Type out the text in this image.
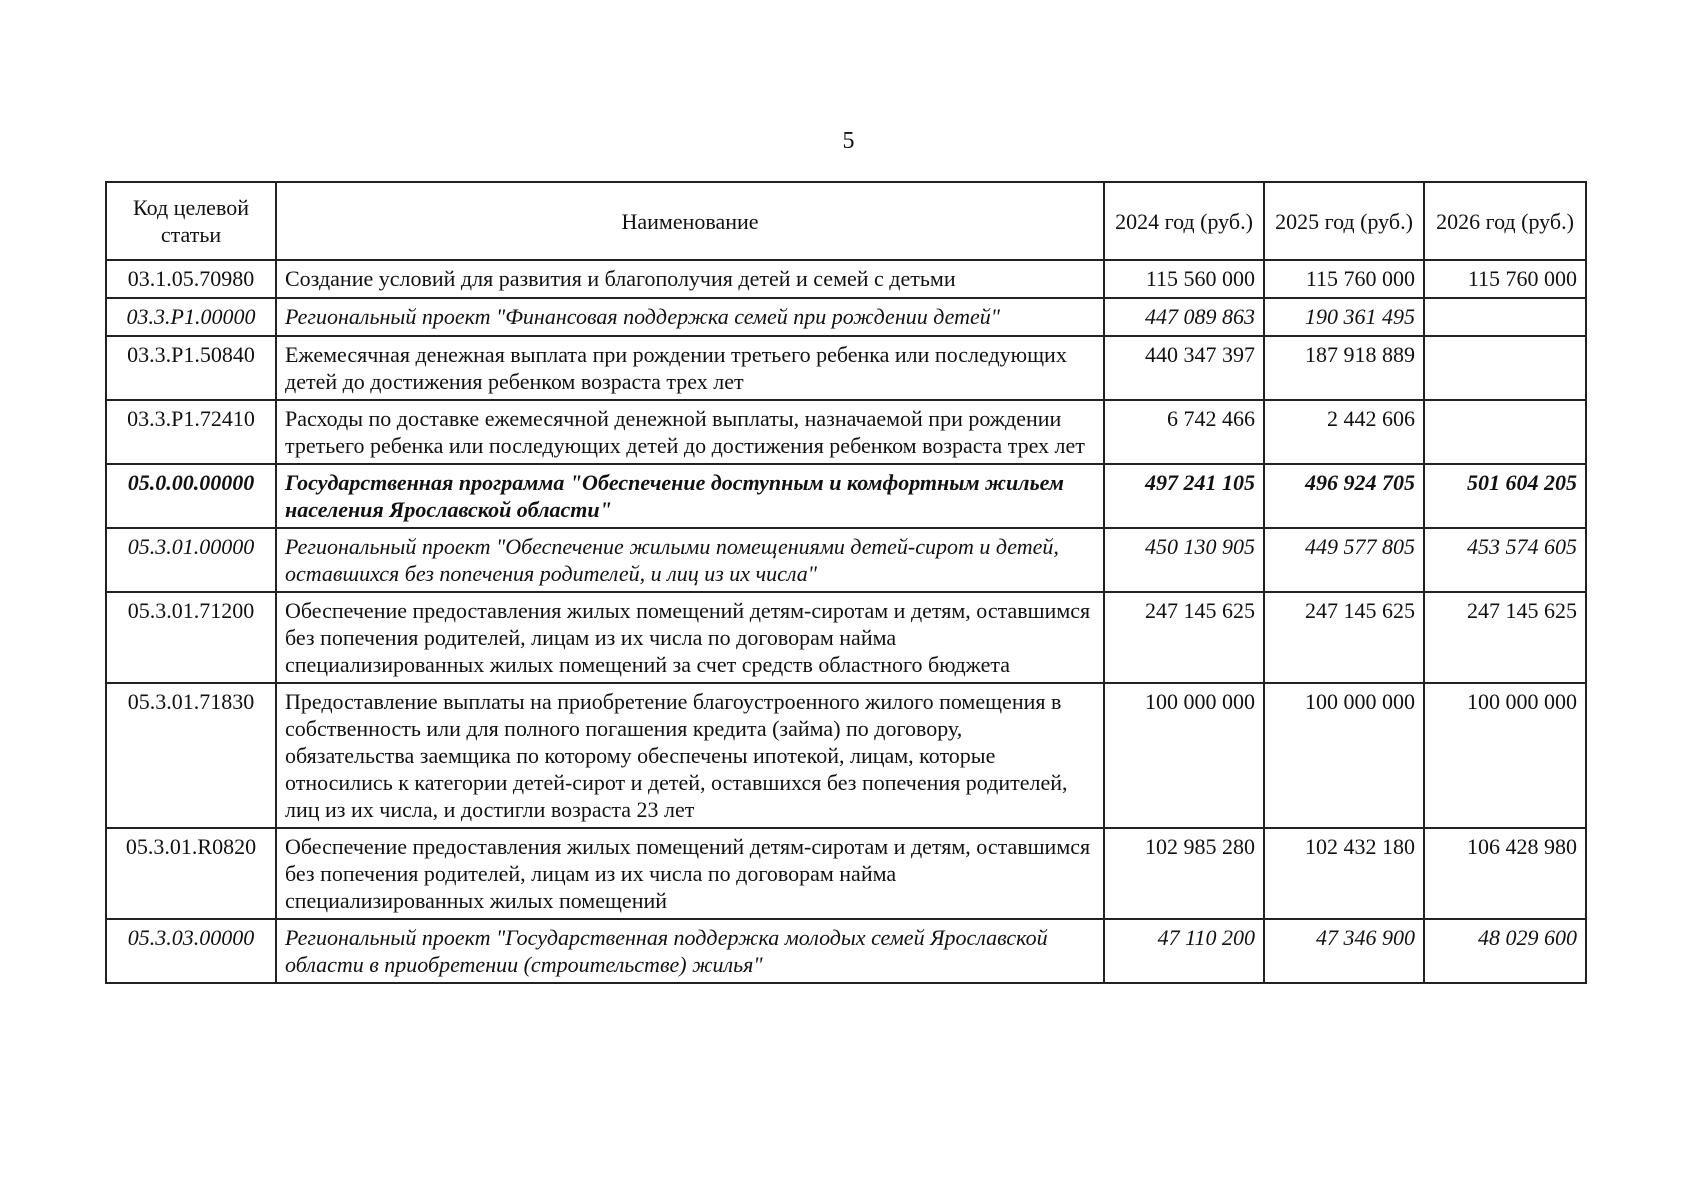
5
Код целевой статьи	Наименование	2024 год (руб.)	2025 год (руб.)	2026 год (руб.)
03.1.05.70980	Создание условий для развития и благополучия детей и семей с детьми	115 560 000	115 760 000	115 760 000
03.3.Р1.00000	Региональный проект "Финансовая поддержка семей при рождении детей"	447 089 863	190 361 495	
03.3.Р1.50840	Ежемесячная денежная выплата при рождении третьего ребенка или последующих детей до достижения ребенком возраста трех лет	440 347 397	187 918 889	
03.3.Р1.72410	Расходы по доставке ежемесячной денежной выплаты, назначаемой при рождении третьего ребенка или последующих детей до достижения ребенком возраста трех лет	6 742 466	2 442 606	
05.0.00.00000	Государственная программа "Обеспечение доступным и комфортным жильем населения Ярославской области"	497 241 105	496 924 705	501 604 205
05.3.01.00000	Региональный проект "Обеспечение жилыми помещениями детей-сирот и детей, оставшихся без попечения родителей, и лиц из их числа"	450 130 905	449 577 805	453 574 605
05.3.01.71200	Обеспечение предоставления жилых помещений детям-сиротам и детям, оставшимся без попечения родителей, лицам из их числа по договорам найма специализированных жилых помещений за счет средств областного бюджета	247 145 625	247 145 625	247 145 625
05.3.01.71830	Предоставление выплаты на приобретение благоустроенного жилого помещения в собственность или для полного погашения кредита (займа) по договору, обязательства заемщика по которому обеспечены ипотекой, лицам, которые относились к категории детей-сирот и детей, оставшихся без попечения родителей, лиц из их числа, и достигли возраста 23 лет	100 000 000	100 000 000	100 000 000
05.3.01.R0820	Обеспечение предоставления жилых помещений детям-сиротам и детям, оставшимся без попечения родителей, лицам из их числа по договорам найма специализированных жилых помещений	102 985 280	102 432 180	106 428 980
05.3.03.00000	Региональный проект "Государственная поддержка молодых семей Ярославской области в приобретении (строительстве) жилья"	47 110 200	47 346 900	48 029 600
